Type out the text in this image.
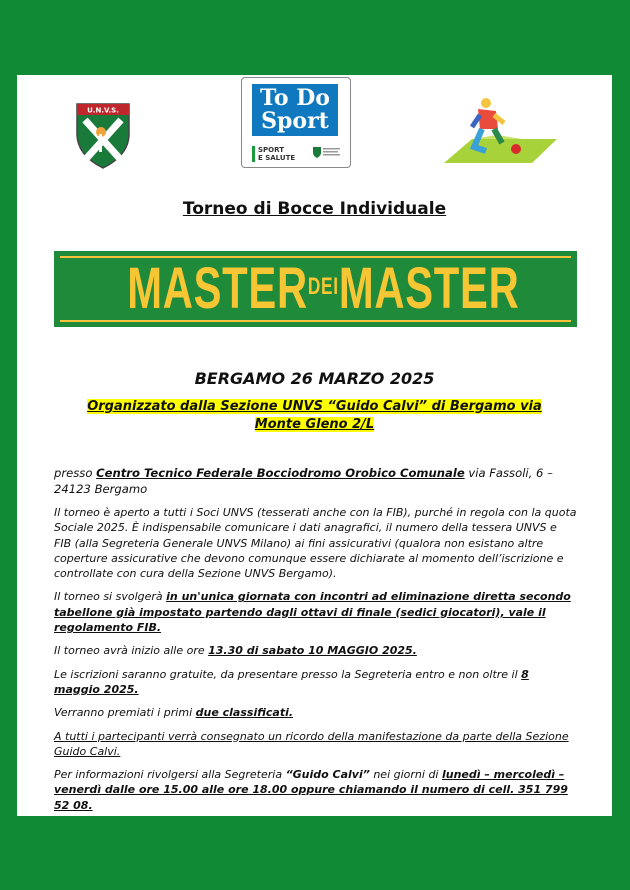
U.N.V.S.	To Do
Sport
SPORT
E SALUTE
Torneo di Bocce Individuale
MASTERDEIMASTER
BERGAMO 26 MARZO 2025
Organizzato dalla Sezione UNVS “Guido Calvi” di Bergamo via Monte Gleno 2/L

presso Centro Tecnico Federale Bocciodromo Orobico Comunale via Fassoli, 6 – 24123 Bergamo

Il torneo è aperto a tutti i Soci UNVS (tesserati anche con la FIB), purché in regola con la quota Sociale 2025. È indispensabile comunicare i dati anagrafici, il numero della tessera UNVS e FIB (alla Segreteria Generale UNVS Milano) ai fini assicurativi (qualora non esistano altre coperture assicurative che devono comunque essere dichiarate al momento dell’iscrizione e controllate con cura della Sezione UNVS Bergamo).

Il torneo si svolgerà in un'unica giornata con incontri ad eliminazione diretta secondo tabellone già impostato partendo dagli ottavi di finale (sedici giocatori), vale il regolamento FIB.

Il torneo avrà inizio alle ore 13.30 di sabato 10 MAGGIO 2025.

Le iscrizioni saranno gratuite, da presentare presso la Segreteria entro e non oltre il 8 maggio 2025.

Verranno premiati i primi due classificati.

A tutti i partecipanti verrà consegnato un ricordo della manifestazione da parte della Sezione Guido Calvi.

Per informazioni rivolgersi alla Segreteria “Guido Calvi” nei giorni di lunedì – mercoledì – venerdì dalle ore 15.00 alle ore 18.00 oppure chiamando il numero di cell. 351 799 52 08.
